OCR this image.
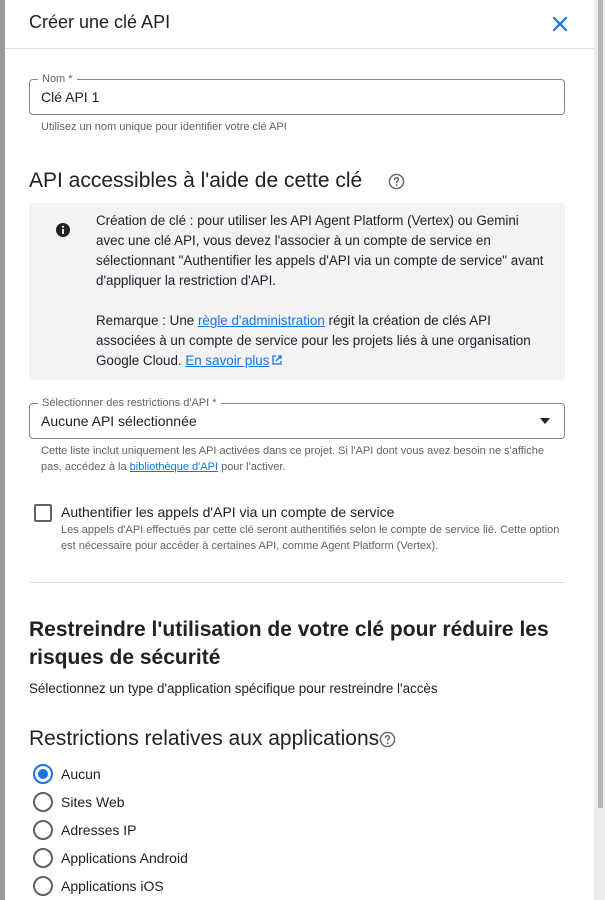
Créer une clé API
Nom *
Clé API 1
Utilisez un nom unique pour identifier votre clé API
API accessibles à l'aide de cette clé
Création de clé : pour utiliser les API Agent Platform (Vertex) ou Gemini avec une clé API, vous devez l'associer à un compte de service en sélectionnant "Authentifier les appels d'API via un compte de service" avant d'appliquer la restriction d'API.
Remarque : Une règle d'administration régit la création de clés API associées à un compte de service pour les projets liés à une organisation Google Cloud. En savoir plus
Sélectionner des restrictions d'API *
Aucune API sélectionnée
Cette liste inclut uniquement les API activées dans ce projet. Si l'API dont vous avez besoin ne s'affiche pas, accédez à la bibliothèque d'API pour l'activer.
Authentifier les appels d'API via un compte de service
Les appels d'API effectués par cette clé seront authentifiés selon le compte de service lié. Cette option est nécessaire pour accéder à certaines API, comme Agent Platform (Vertex).
Restreindre l'utilisation de votre clé pour réduire les risques de sécurité
Sélectionnez un type d'application spécifique pour restreindre l'accès
Restrictions relatives aux applications
Aucun
Sites Web
Adresses IP
Applications Android
Applications iOS
